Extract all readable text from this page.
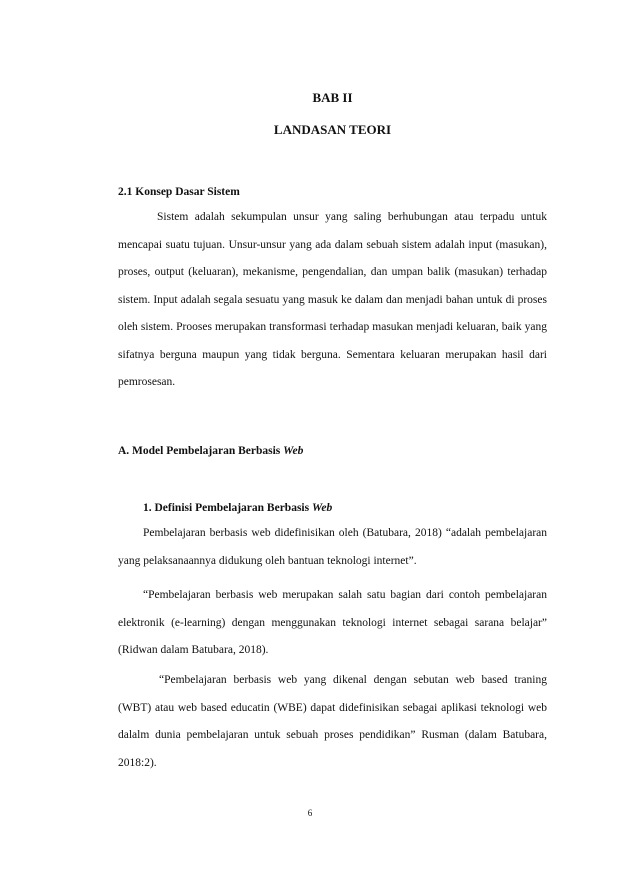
BAB II
LANDASAN TEORI
2.1 Konsep Dasar Sistem

Sistem adalah sekumpulan unsur yang saling berhubungan atau terpadu untuk mencapai suatu tujuan. Unsur-unsur yang ada dalam sebuah sistem adalah input (masukan), proses, output (keluaran), mekanisme, pengendalian, dan umpan balik (masukan) terhadap sistem. Input adalah segala sesuatu yang masuk ke dalam dan menjadi bahan untuk di proses oleh sistem. Prooses merupakan transformasi terhadap masukan menjadi keluaran, baik yang sifatnya berguna maupun yang tidak berguna. Sementara keluaran merupakan hasil dari pemrosesan.

A. Model Pembelajaran Berbasis Web
1. Definisi Pembelajaran Berbasis Web

Pembelajaran berbasis web didefinisikan oleh (Batubara, 2018) “adalah pembelajaran yang pelaksanaannya didukung oleh bantuan teknologi internet”.

“Pembelajaran berbasis web merupakan salah satu bagian dari contoh pembelajaran elektronik (e-learning) dengan menggunakan teknologi internet sebagai sarana belajar” (Ridwan dalam Batubara, 2018).

“Pembelajaran berbasis web yang dikenal dengan sebutan web based traning (WBT) atau web based educatin (WBE) dapat didefinisikan sebagai aplikasi teknologi web dalalm dunia pembelajaran untuk sebuah proses pendidikan” Rusman (dalam Batubara, 2018:2).

6
